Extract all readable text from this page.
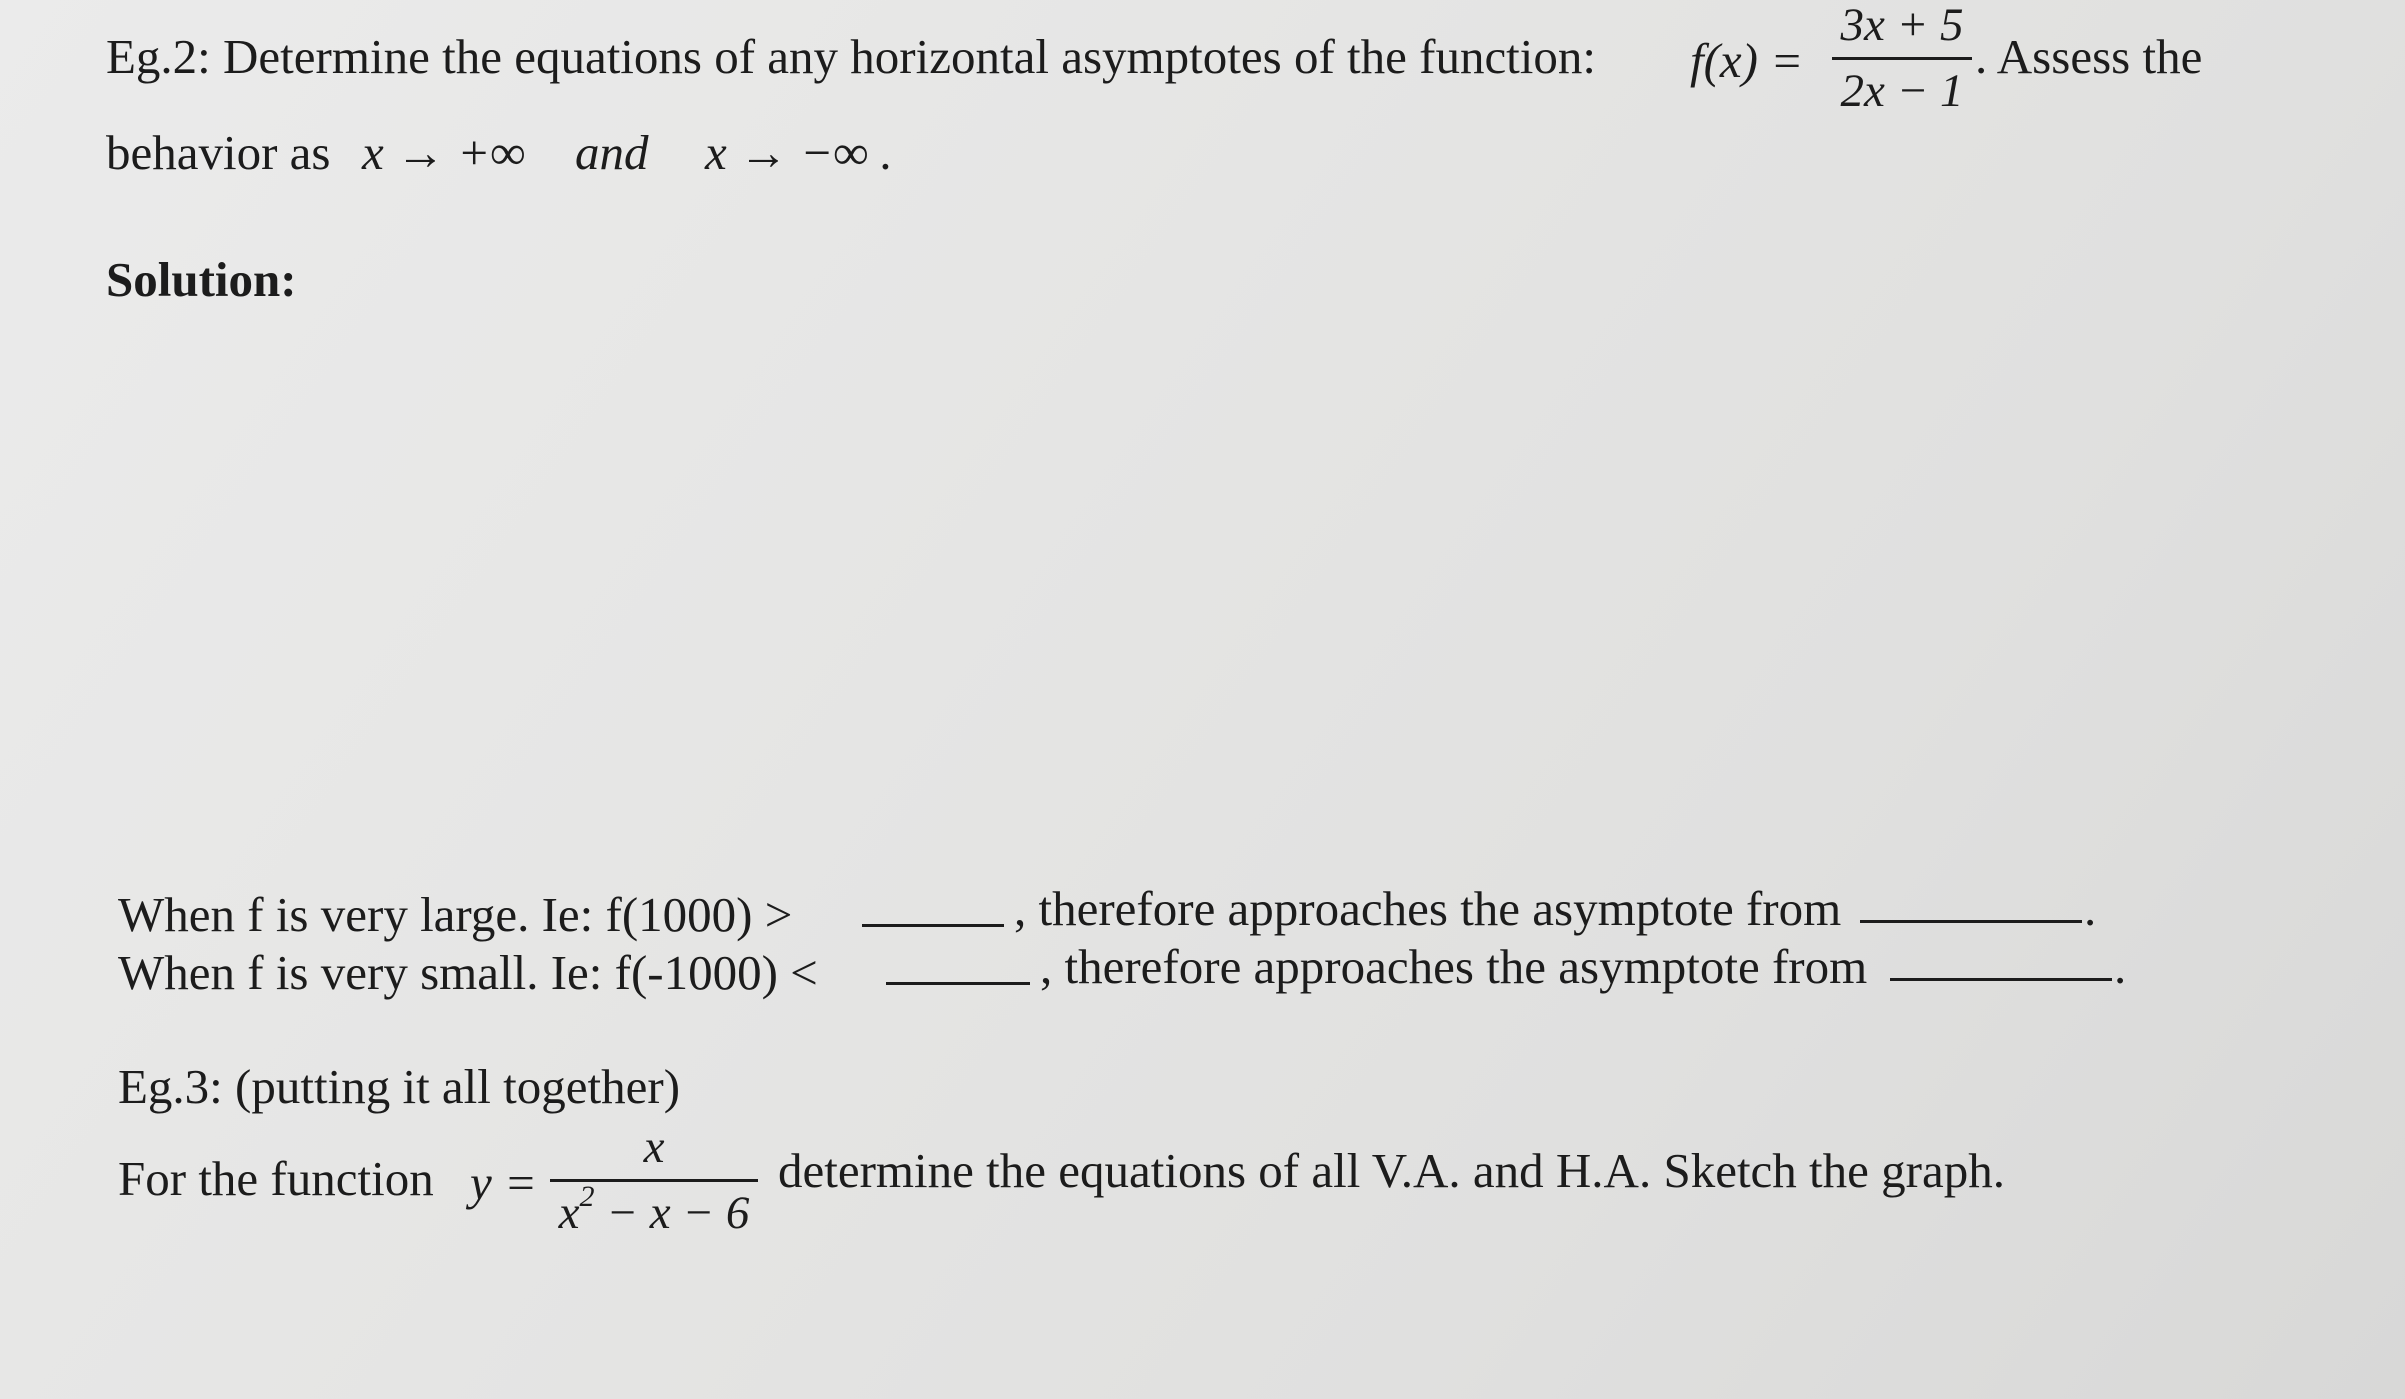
Eg.2: Determine the equations of any horizontal asymptotes of the function: f(x) =
3x + 5
2x − 1
. Assess the
behavior as x → +∞ and x → −∞ .
Solution:
When f is very large. Ie: f(1000) >	, therefore approaches the asymptote from	.
When f is very small. Ie: f(-1000) <	, therefore approaches the asymptote from	.
Eg.3: (putting it all together)
For the function y =
x
$x^2 - x - 6$
determine the equations of all V.A. and H.A. Sketch the graph.
